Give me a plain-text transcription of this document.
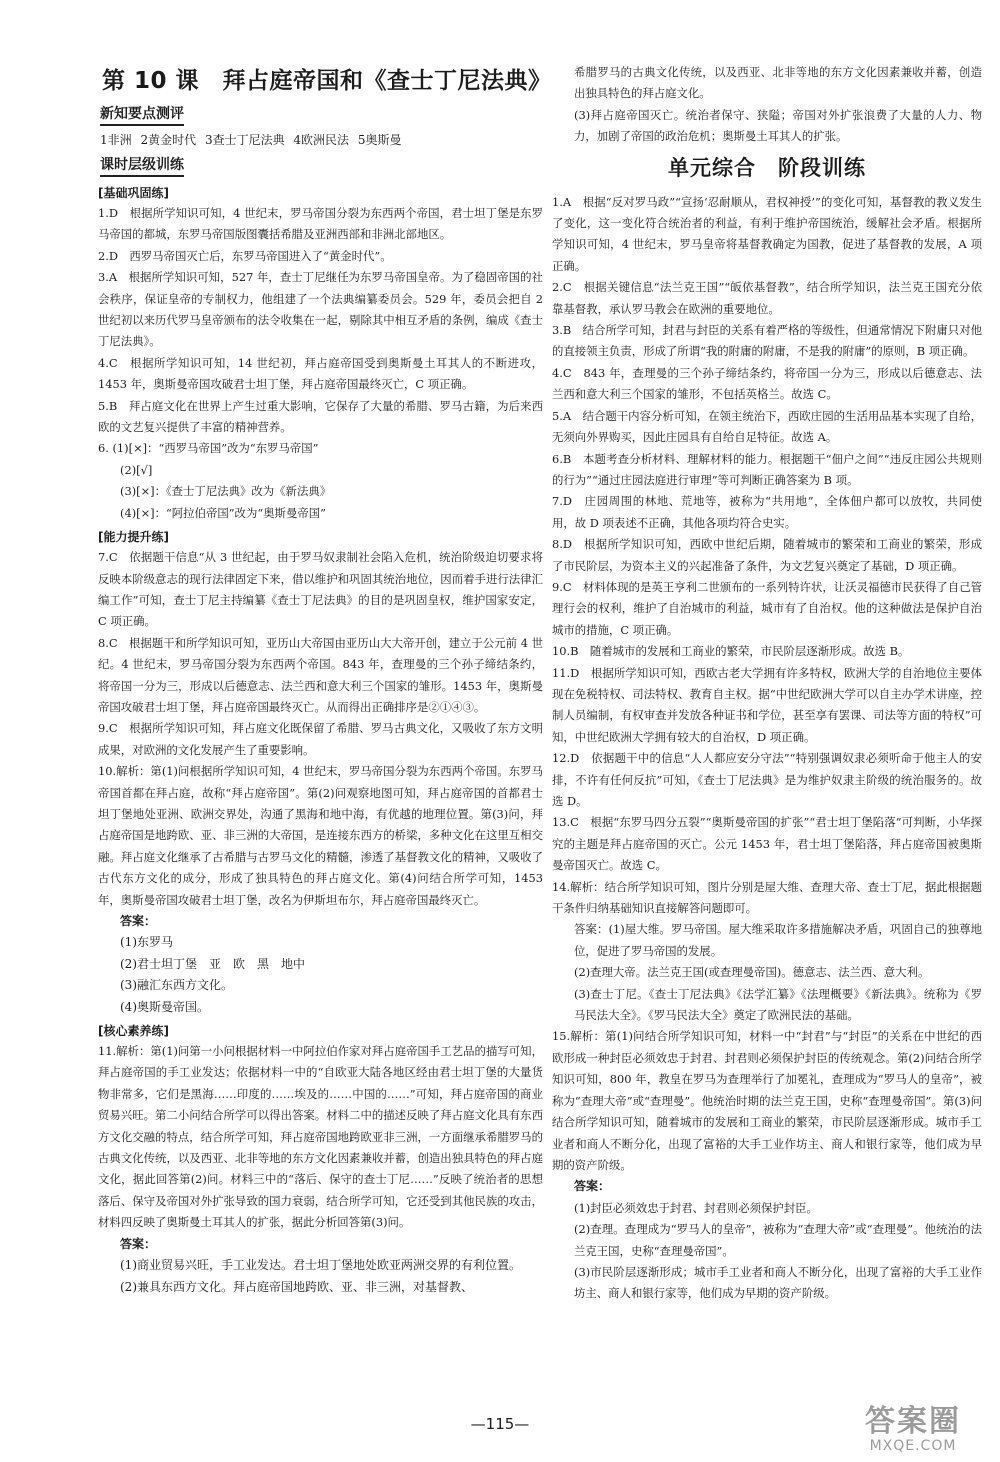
第 10 课　拜占庭帝国和《查士丁尼法典》
新知要点测评
1非洲 2黄金时代 3查士丁尼法典 4欧洲民法 5奥斯曼
课时层级训练
[基础巩固练]

1.D　根据所学知识可知，4 世纪末，罗马帝国分裂为东西两个帝国，君士坦丁堡是东罗马帝国的都城，东罗马帝国版图囊括希腊及亚洲西部和非洲北部地区。

2.D　西罗马帝国灭亡后，东罗马帝国进入了“黄金时代”。

3.A　根据所学知识可知，527 年，查士丁尼继任为东罗马帝国皇帝。为了稳固帝国的社会秩序，保证皇帝的专制权力，他组建了一个法典编纂委员会。529 年，委员会把自 2 世纪初以来历代罗马皇帝颁布的法令收集在一起，剔除其中相互矛盾的条例，编成《查士丁尼法典》。

4.C　根据所学知识可知，14 世纪初，拜占庭帝国受到奥斯曼土耳其人的不断进攻，1453 年，奥斯曼帝国攻破君士坦丁堡，拜占庭帝国最终灭亡，C 项正确。

5.B　拜占庭文化在世界上产生过重大影响，它保存了大量的希腊、罗马古籍，为后来西欧的文艺复兴提供了丰富的精神营养。

6. (1)[×]：“西罗马帝国”改为“东罗马帝国”

(2)[√]

(3)[×]：《查士丁尼法典》改为《新法典》

(4)[×]：“阿拉伯帝国”改为“奥斯曼帝国”

[能力提升练]

7.C　依据题干信息“从 3 世纪起，由于罗马奴隶制社会陷入危机，统治阶级迫切要求将反映本阶级意志的现行法律固定下来，借以维护和巩固其统治地位，因而着手进行法律汇编工作”可知，查士丁尼主持编纂《查士丁尼法典》的目的是巩固皇权，维护国家安定，C 项正确。

8.C　根据题干和所学知识可知，亚历山大帝国由亚历山大大帝开创，建立于公元前 4 世纪。4 世纪末，罗马帝国分裂为东西两个帝国。843 年，查理曼的三个孙子缔结条约，将帝国一分为三，形成以后德意志、法兰西和意大利三个国家的雏形。1453 年，奥斯曼帝国攻破君士坦丁堡，拜占庭帝国最终灭亡。从而得出正确排序是②①④③。

9.C　根据所学知识可知，拜占庭文化既保留了希腊、罗马古典文化，又吸收了东方文明成果，对欧洲的文化发展产生了重要影响。

10.解析：第(1)问根据所学知识可知，4 世纪末，罗马帝国分裂为东西两个帝国。东罗马帝国首都在拜占庭，故称“拜占庭帝国”。第(2)问观察地图可知，拜占庭帝国的首都君士坦丁堡地处亚洲、欧洲交界处，沟通了黑海和地中海，有优越的地理位置。第(3)问，拜占庭帝国是地跨欧、亚、非三洲的大帝国，是连接东西方的桥梁，多种文化在这里互相交融。拜占庭文化继承了古希腊与古罗马文化的精髓，渗透了基督教文化的精神，又吸收了古代东方文化的成分，形成了独具特色的拜占庭文化。第(4)问结合所学可知，1453 年，奥斯曼帝国攻破君士坦丁堡，改名为伊斯坦布尔，拜占庭帝国最终灭亡。

答案：
(1)东罗马
(2)君士坦丁堡　亚　欧　黑　地中
(3)融汇东西方文化。
(4)奥斯曼帝国。
[核心素养练]

11.解析：第(1)问第一小问根据材料一中阿拉伯作家对拜占庭帝国手工艺品的描写可知，拜占庭帝国的手工业发达；依据材料一中的“自欧亚大陆各地区经由君士坦丁堡的大量货物非常多，它们是黑海……印度的……埃及的……中国的……”可知，拜占庭帝国的商业贸易兴旺。第二小问结合所学可以得出答案。材料二中的描述反映了拜占庭文化具有东西方文化交融的特点，结合所学可知，拜占庭帝国地跨欧亚非三洲，一方面继承希腊罗马的古典文化传统，以及西亚、北非等地的东方文化因素兼收并蓄，创造出独具特色的拜占庭文化，据此回答第(2)问。材料三中的“落后、保守的查士丁尼……”反映了统治者的思想落后、保守及帝国对外扩张导致的国力衰弱，结合所学可知，它还受到其他民族的攻击，材料四反映了奥斯曼土耳其人的扩张，据此分析回答第(3)问。

答案：
(1)商业贸易兴旺，手工业发达。君士坦丁堡地处欧亚两洲交界的有利位置。
(2)兼具东西方文化。拜占庭帝国地跨欧、亚、非三洲，对基督教、

希腊罗马的古典文化传统，以及西亚、北非等地的东方文化因素兼收并蓄，创造出独具特色的拜占庭文化。

(3)拜占庭帝国灭亡。统治者保守、狭隘；帝国对外扩张浪费了大量的人力、物力，加剧了帝国的政治危机；奥斯曼土耳其人的扩张。

单元综合　阶段训练

1.A　根据“反对罗马政”“宣扬‘忍耐顺从，君权神授’”的变化可知，基督教的教义发生了变化，这一变化符合统治者的利益，有利于维护帝国统治，缓解社会矛盾。根据所学知识可知，4 世纪末，罗马皇帝将基督教确定为国教，促进了基督教的发展，A 项正确。

2.C　根据关键信息“法兰克王国”“皈依基督教”，结合所学知识，法兰克王国充分依靠基督教，承认罗马教会在欧洲的重要地位。

3.B　结合所学可知，封君与封臣的关系有着严格的等级性，但通常情况下附庸只对他的直接领主负责，形成了所谓“我的附庸的附庸，不是我的附庸”的原则，B 项正确。

4.C　843 年，查理曼的三个孙子缔结条约，将帝国一分为三，形成以后德意志、法兰西和意大利三个国家的雏形，不包括英格兰。故选 C。

5.A　结合题干内容分析可知，在领主统治下，西欧庄园的生活用品基本实现了自给，无须向外界购买，因此庄园具有自给自足特征。故选 A。

6.B　本题考查分析材料、理解材料的能力。根据题干“佃户之间”“违反庄园公共规则的行为”“通过庄园法庭进行审理”等可判断正确答案为 B 项。

7.D　庄园周围的林地、荒地等，被称为“共用地”，全体佃户都可以放牧，共同使用，故 D 项表述不正确，其他各项均符合史实。

8.D　根据所学知识可知，西欧中世纪后期，随着城市的繁荣和工商业的繁荣，形成了市民阶层，为资本主义的兴起准备了条件，为文艺复兴奠定了基础，D 项正确。

9.C　材料体现的是英王亨利二世颁布的一系列特许状，让沃灵福德市民获得了自己管理行会的权利，维护了自治城市的利益，城市有了自治权。他的这种做法是保护自治城市的措施，C 项正确。

10.B　随着城市的发展和工商业的繁荣，市民阶层逐渐形成。故选 B。

11.D　根据所学知识可知，西欧古老大学拥有许多特权，欧洲大学的自治地位主要体现在免税特权、司法特权、教育自主权。据“中世纪欧洲大学可以自主办学术讲座，控制人员编制，有权审查并发放各种证书和学位，甚至享有罢课、司法等方面的特权”可知，中世纪欧洲大学拥有较大的自治权，D 项正确。

12.D　依据题干中的信息“人人都应安分守法”“特别强调奴隶必须听命于他主人的安排，不许有任何反抗”可知，《查士丁尼法典》是为维护奴隶主阶级的统治服务的。故选 D。

13.C　根据“东罗马四分五裂”“奥斯曼帝国的扩张”“君士坦丁堡陷落”可判断，小华探究的主题是拜占庭帝国的灭亡。公元 1453 年，君士坦丁堡陷落，拜占庭帝国被奥斯曼帝国灭亡。故选 C。

14.解析：结合所学知识可知，图片分别是屋大维、查理大帝、查士丁尼，据此根据题干条件归纳基础知识直接解答问题即可。

答案：(1)屋大维。罗马帝国。屋大维采取许多措施解决矛盾，巩固自己的独尊地位，促进了罗马帝国的发展。

(2)查理大帝。法兰克王国(或查理曼帝国)。德意志、法兰西、意大利。

(3)查士丁尼。《查士丁尼法典》《法学汇纂》《法理概要》《新法典》。统称为《罗马民法大全》。《罗马民法大全》奠定了欧洲民法的基础。

15.解析：第(1)问结合所学知识可知，材料一中“封君”与“封臣”的关系在中世纪的西欧形成一种封臣必须效忠于封君、封君则必须保护封臣的传统观念。第(2)问结合所学知识可知，800 年，教皇在罗马为查理举行了加冕礼，查理成为“罗马人的皇帝”，被称为“查理大帝”或“查理曼”。他统治时期的法兰克王国，史称“查理曼帝国”。第(3)问结合所学知识可知，随着城市的发展和工商业的繁荣，市民阶层逐渐形成。城市手工业者和商人不断分化，出现了富裕的大手工业作坊主、商人和银行家等，他们成为早期的资产阶级。

答案：

(1)封臣必须效忠于封君、封君则必须保护封臣。

(2)查理。查理成为“罗马人的皇帝”，被称为“查理大帝”或“查理曼”。他统治的法兰克王国，史称“查理曼帝国”。

(3)市民阶层逐渐形成；城市手工业者和商人不断分化，出现了富裕的大手工业作坊主、商人和银行家等，他们成为早期的资产阶级。

—115—	答案圈
MXQE.COM
